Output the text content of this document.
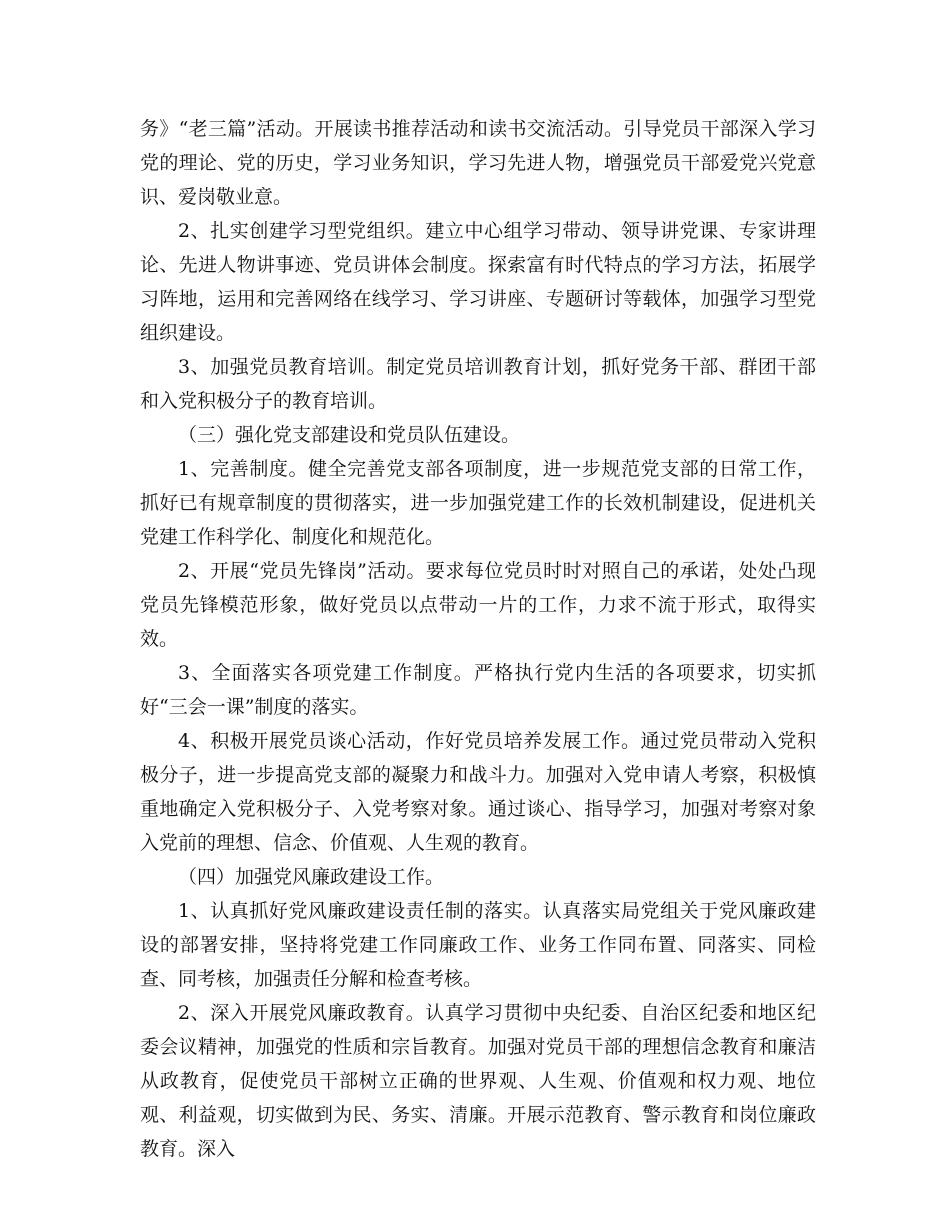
务》“老三篇”活动。开展读书推荐活动和读书交流活动。引导党员干部深入学习党的理论、党的历史，学习业务知识，学习先进人物，增强党员干部爱党兴党意识、爱岗敬业意。

2、扎实创建学习型党组织。建立中心组学习带动、领导讲党课、专家讲理论、先进人物讲事迹、党员讲体会制度。探索富有时代特点的学习方法，拓展学习阵地，运用和完善网络在线学习、学习讲座、专题研讨等载体，加强学习型党组织建设。

3、加强党员教育培训。制定党员培训教育计划，抓好党务干部、群团干部和入党积极分子的教育培训。

（三）强化党支部建设和党员队伍建设。

1、完善制度。健全完善党支部各项制度，进一步规范党支部的日常工作，抓好已有规章制度的贯彻落实，进一步加强党建工作的长效机制建设，促进机关党建工作科学化、制度化和规范化。

2、开展“党员先锋岗”活动。要求每位党员时时对照自己的承诺，处处凸现党员先锋模范形象，做好党员以点带动一片的工作，力求不流于形式，取得实效。

3、全面落实各项党建工作制度。严格执行党内生活的各项要求，切实抓好“三会一课”制度的落实。

4、积极开展党员谈心活动，作好党员培养发展工作。通过党员带动入党积极分子，进一步提高党支部的凝聚力和战斗力。加强对入党申请人考察，积极慎重地确定入党积极分子、入党考察对象。通过谈心、指导学习，加强对考察对象入党前的理想、信念、价值观、人生观的教育。

（四）加强党风廉政建设工作。

1、认真抓好党风廉政建设责任制的落实。认真落实局党组关于党风廉政建设的部署安排，坚持将党建工作同廉政工作、业务工作同布置、同落实、同检查、同考核，加强责任分解和检查考核。

2、深入开展党风廉政教育。认真学习贯彻中央纪委、自治区纪委和地区纪委会议精神，加强党的性质和宗旨教育。加强对党员干部的理想信念教育和廉洁从政教育，促使党员干部树立正确的世界观、人生观、价值观和权力观、地位观、利益观，切实做到为民、务实、清廉。开展示范教育、警示教育和岗位廉政教育。深入
